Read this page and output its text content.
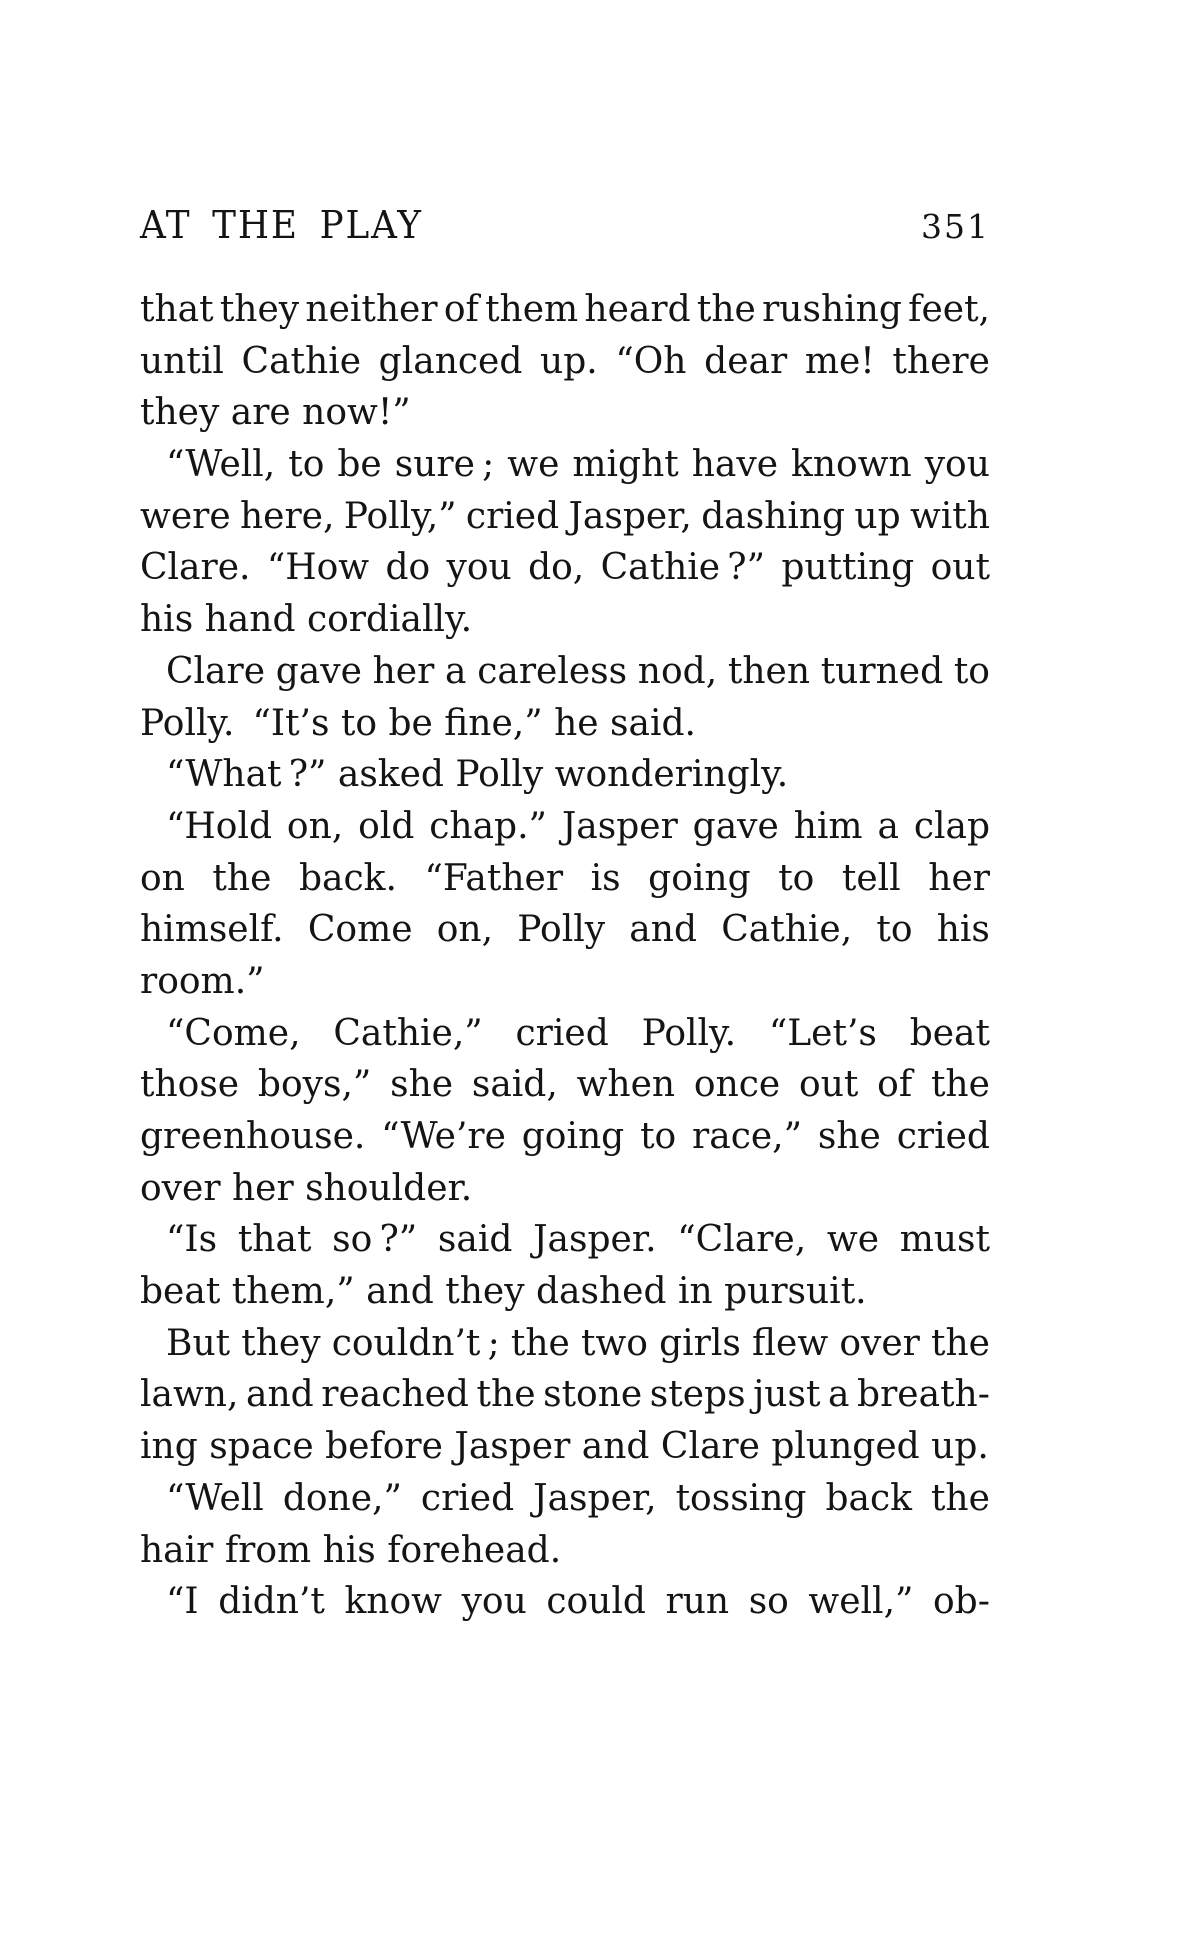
AT THE PLAY	351
that they neither of them heard the rushing feet,
until Cathie glanced up. “Oh dear me! there
they are now!”
“Well, to be sure ; we might have known you
were here, Polly,” cried Jasper, dashing up with
Clare. “How do you do, Cathie ?” putting out
his hand cordially.
Clare gave her a careless nod, then turned to
Polly. “It’s to be fine,” he said.
“What ?” asked Polly wonderingly.
“Hold on, old chap.” Jasper gave him a clap
on the back. “Father is going to tell her
himself. Come on, Polly and Cathie, to his
room.”
“Come, Cathie,” cried Polly. “Let’s beat
those boys,” she said, when once out of the
greenhouse. “We’re going to race,” she cried
over her shoulder.
“Is that so ?” said Jasper. “Clare, we must
beat them,” and they dashed in pursuit.
But they couldn’t ; the two girls flew over the
lawn, and reached the stone steps just a breath-
ing space before Jasper and Clare plunged up.
“Well done,” cried Jasper, tossing back the
hair from his forehead.
“I didn’t know you could run so well,” ob-
